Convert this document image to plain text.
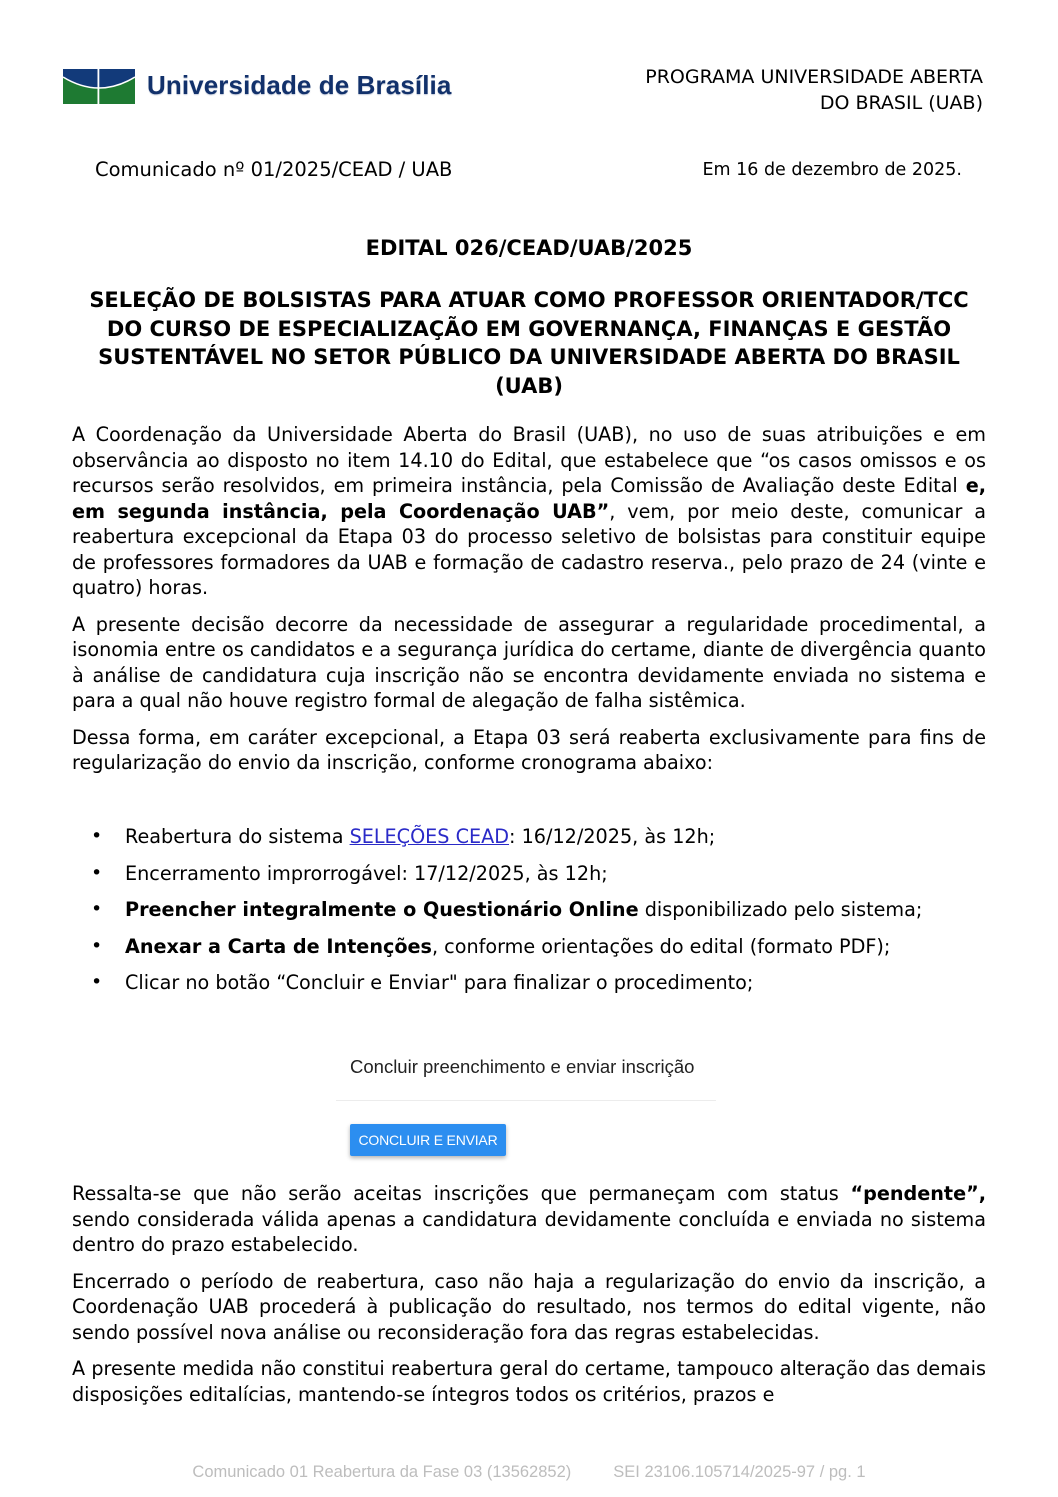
Universidade de Brasília	PROGRAMA UNIVERSIDADE ABERTA
DO BRASIL (UAB)
Comunicado nº 01/2025/CEAD / UAB	Em 16 de dezembro de 2025.
EDITAL 026/CEAD/UAB/2025
SELEÇÃO DE BOLSISTAS PARA ATUAR COMO PROFESSOR ORIENTADOR/TCC DO CURSO DE ESPECIALIZAÇÃO EM GOVERNANÇA, FINANÇAS E GESTÃO SUSTENTÁVEL NO SETOR PÚBLICO DA UNIVERSIDADE ABERTA DO BRASIL (UAB)

A Coordenação da Universidade Aberta do Brasil (UAB), no uso de suas atribuições e em observância ao disposto no item 14.10 do Edital, que estabelece que “os casos omissos e os recursos serão resolvidos, em primeira instância, pela Comissão de Avaliação deste Edital e, em segunda instância, pela Coordenação UAB”, vem, por meio deste, comunicar a reabertura excepcional da Etapa 03 do processo seletivo de bolsistas para constituir equipe de professores formadores da UAB e formação de cadastro reserva., pelo prazo de 24 (vinte e quatro) horas.

A presente decisão decorre da necessidade de assegurar a regularidade procedimental, a isonomia entre os candidatos e a segurança jurídica do certame, diante de divergência quanto à análise de candidatura cuja inscrição não se encontra devidamente enviada no sistema e para a qual não houve registro formal de alegação de falha sistêmica.

Dessa forma, em caráter excepcional, a Etapa 03 será reaberta exclusivamente para fins de regularização do envio da inscrição, conforme cronograma abaixo:

• Reabertura do sistema SELEÇÕES CEAD: 16/12/2025, às 12h;
• Encerramento improrrogável: 17/12/2025, às 12h;
• Preencher integralmente o Questionário Online disponibilizado pelo sistema;
• Anexar a Carta de Intenções, conforme orientações do edital (formato PDF);
• Clicar no botão “Concluir e Enviar" para finalizar o procedimento;
Concluir preenchimento e enviar inscrição
CONCLUIR E ENVIAR

Ressalta-se que não serão aceitas inscrições que permaneçam com status “pendente”, sendo considerada válida apenas a candidatura devidamente concluída e enviada no sistema dentro do prazo estabelecido.

Encerrado o período de reabertura, caso não haja a regularização do envio da inscrição, a Coordenação UAB procederá à publicação do resultado, nos termos do edital vigente, não sendo possível nova análise ou reconsideração fora das regras estabelecidas.

A presente medida não constitui reabertura geral do certame, tampouco alteração das demais disposições editalícias, mantendo-se íntegros todos os critérios, prazos e

Comunicado 01 Reabertura da Fase 03 (13562852)	SEI 23106.105714/2025-97 / pg. 1
